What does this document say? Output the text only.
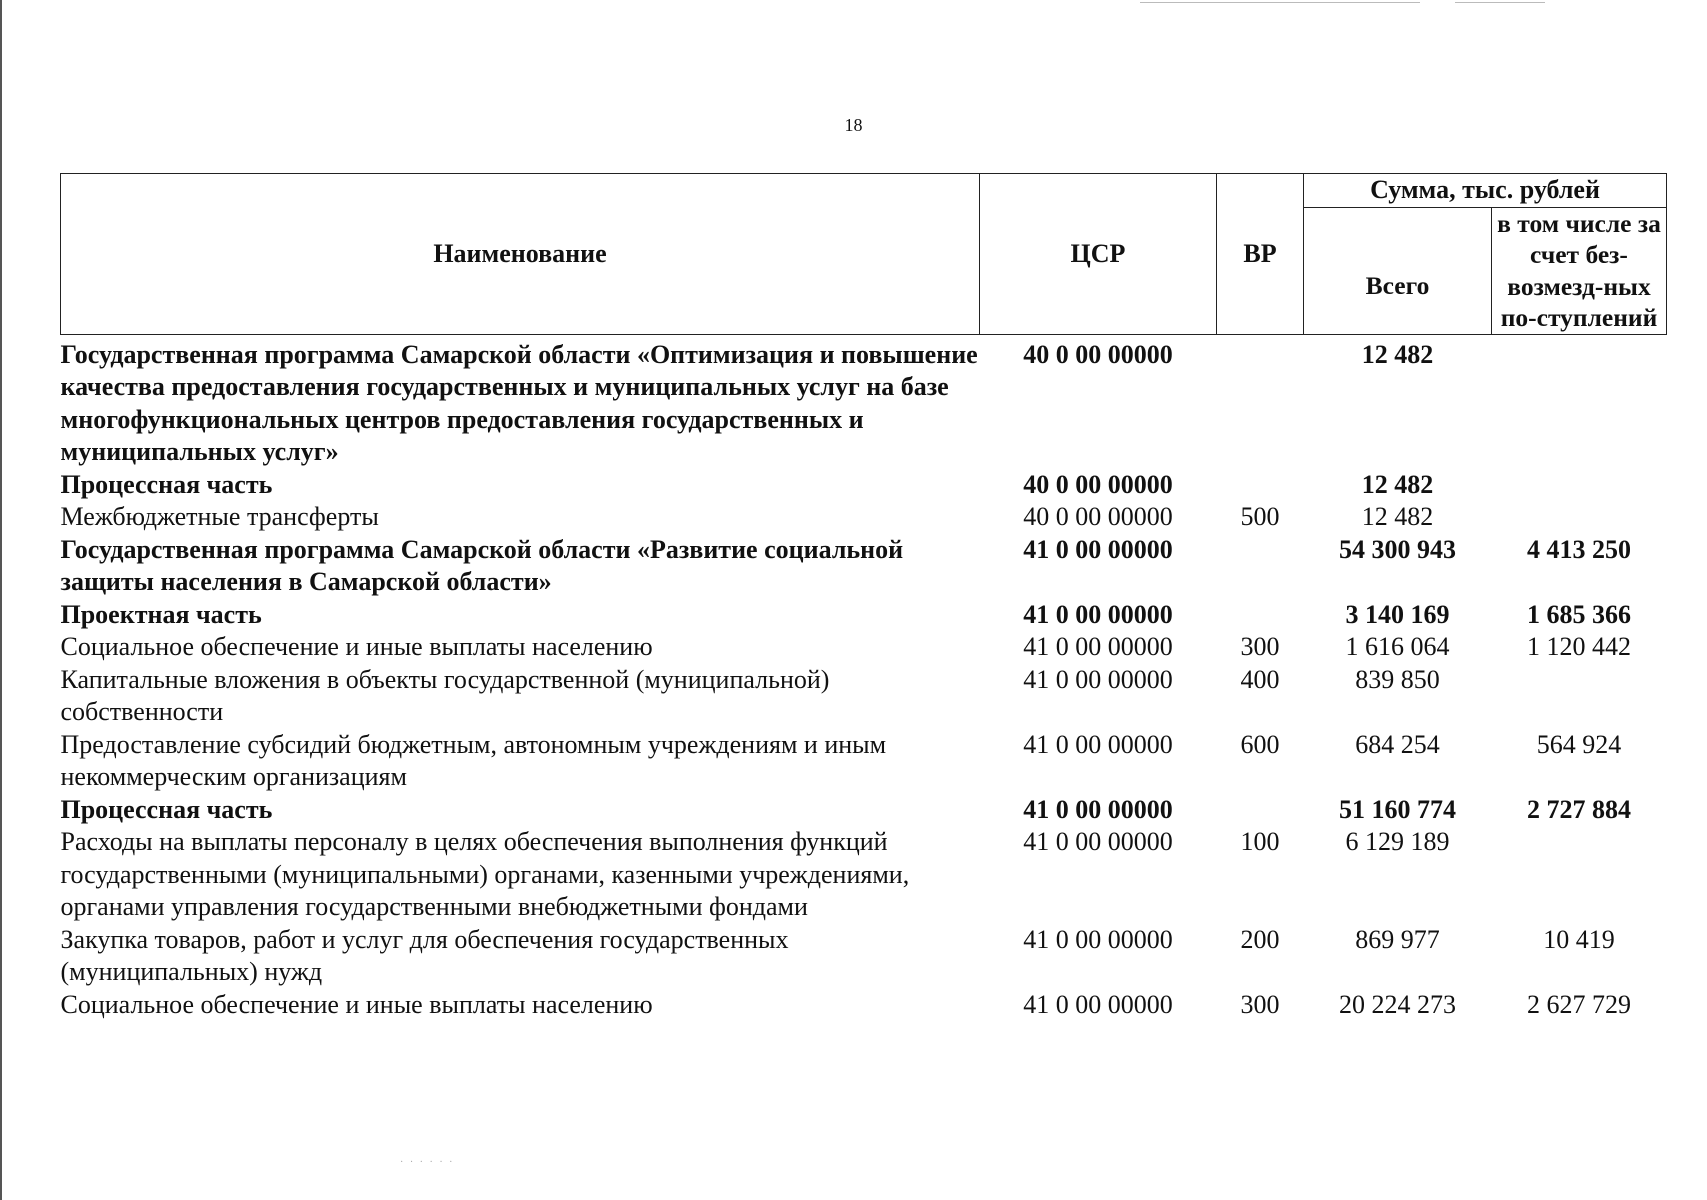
18
Наименование	ЦСР	ВР	Сумма, тыс. рублей	
			Всего	в том числе за счет без-возмезд-ных по-ступлений
Государственная программа Самарской области «Оптимизация и повышение качества предоставления государственных и муниципальных услуг на базе многофункциональных центров предоставления государственных и муниципальных услуг»	40 0 00 00000		12 482	
Процессная часть	40 0 00 00000		12 482	
Межбюджетные трансферты	40 0 00 00000	500	12 482	
Государственная программа Самарской области «Развитие социальной защиты населения в Самарской области»	41 0 00 00000		54 300 943	4 413 250
Проектная часть	41 0 00 00000		3 140 169	1 685 366
Социальное обеспечение и иные выплаты населению	41 0 00 00000	300	1 616 064	1 120 442
Капитальные вложения в объекты государственной (муниципальной) собственности	41 0 00 00000	400	839 850	
Предоставление субсидий бюджетным, автономным учреждениям и иным некоммерческим организациям	41 0 00 00000	600	684 254	564 924
Процессная часть	41 0 00 00000		51 160 774	2 727 884
Расходы на выплаты персоналу в целях обеспечения выполнения функций государственными (муниципальными) органами, казенными учреждениями, органами управления государственными внебюджетными фондами	41 0 00 00000	100	6 129 189	
Закупка товаров, работ и услуг для обеспечения государственных (муниципальных) нужд	41 0 00 00000	200	869 977	10 419
Социальное обеспечение и иные выплаты населению	41 0 00 00000	300	20 224 273	2 627 729
· · · · · ·
